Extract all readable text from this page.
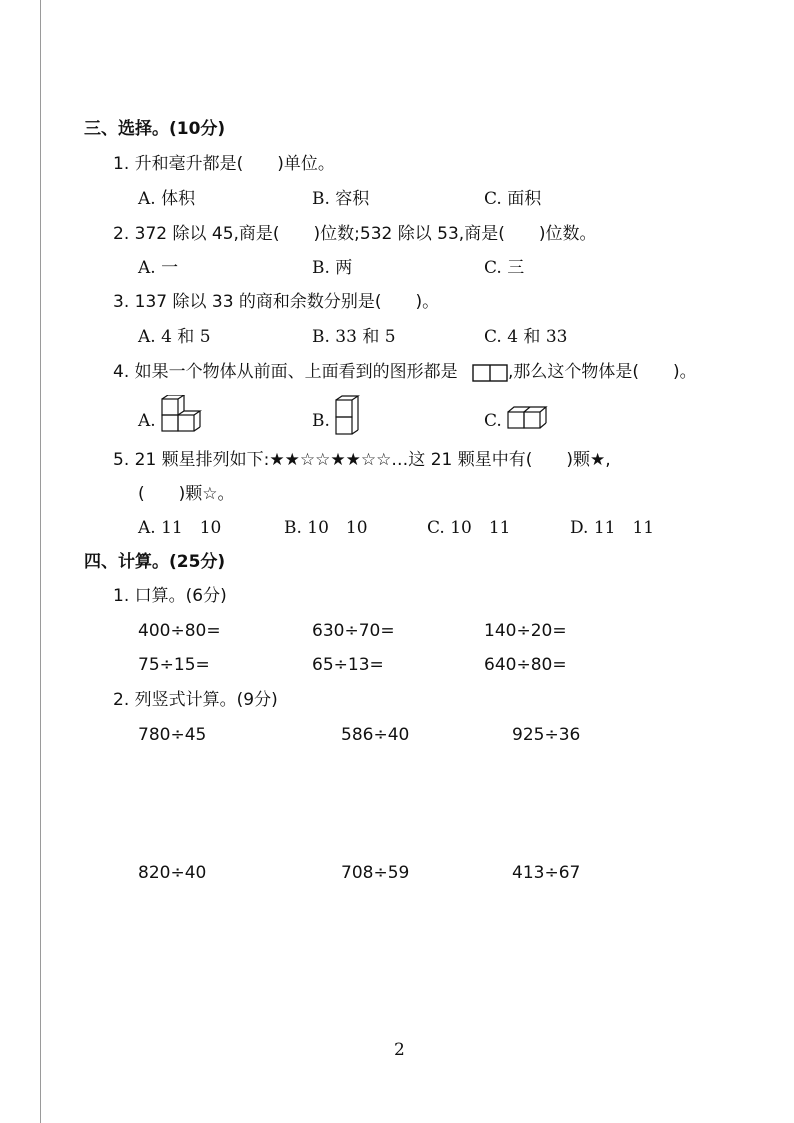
三、选择。(10分)
1. 升和毫升都是(　　)单位。
A. 体积	B. 容积	C. 面积
2. 372 除以 45,商是(　　)位数;532 除以 53,商是(　　)位数。
A. 一	B. 两	C. 三
3. 137 除以 33 的商和余数分别是(　　)。
A. 4 和 5	B. 33 和 5	C. 4 和 33
4. 如果一个物体从前面、上面看到的图形都是	,那么这个物体是(　　)。
A.	B.	C.
5. 21 颗星排列如下:★★☆☆★★☆☆…这 21 颗星中有(　　)颗★,
(　　)颗☆。
A. 11　10	B. 10　10	C. 10　11	D. 11　11
四、计算。(25分)
1. 口算。(6分)
400÷80=	630÷70=	140÷20=
75÷15=	65÷13=	640÷80=
2. 列竖式计算。(9分)
780÷45	586÷40	925÷36
820÷40	708÷59	413÷67
2
